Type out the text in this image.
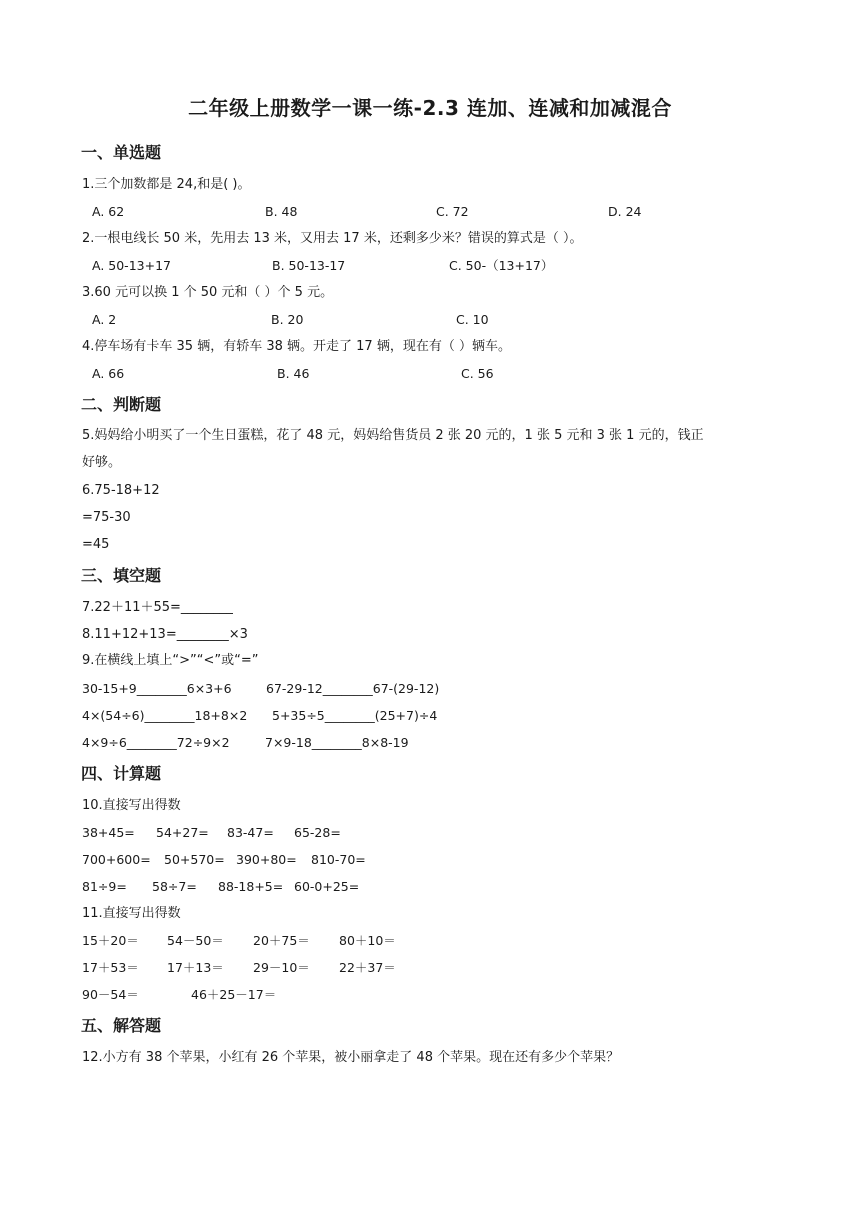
二年级上册数学一课一练-2.3 连加、连减和加减混合
一、单选题
1.三个加数都是 24,和是( )。
A. 62	B. 48	C. 72	D. 24
2.一根电线长 50 米，先用去 13 米，又用去 17 米，还剩多少米？错误的算式是（ ）。
A. 50-13+17	B. 50-13-17	C. 50-（13+17）
3.60 元可以换 1 个 50 元和（ ）个 5 元。
A. 2	B. 20	C. 10
4.停车场有卡车 35 辆，有轿车 38 辆。开走了 17 辆，现在有（ ）辆车。
A. 66	B. 46	C. 56
二、判断题
5.妈妈给小明买了一个生日蛋糕，花了 48 元，妈妈给售货员 2 张 20 元的，1 张 5 元和 3 张 1 元的，钱正
好够。
6.75-18+12
=75-30
=45
三、填空题
7.22＋11＋55=________
8.11+12+13=________×3
9.在横线上填上“>”“<”或“=”
30-15+9________6×3+6	67-29-12________67-(29-12)
4×(54÷6)________18+8×2 5+35÷5________(25+7)÷4
4×9÷6________72÷9×2	7×9-18________8×8-19
四、计算题
10.直接写出得数
38+45= 54+27= 83-47= 65-28=
700+600= 50+570= 390+80= 810-70=
81÷9= 58÷7= 88-18+5= 60-0+25=
11.直接写出得数
15＋20＝ 54－50＝ 20＋75＝ 80＋10＝
17＋53＝ 17＋13＝ 29－10＝ 22＋37＝
90－54＝	46＋25－17＝
五、解答题
12.小方有 38 个苹果，小红有 26 个苹果，被小丽拿走了 48 个苹果。现在还有多少个苹果？
